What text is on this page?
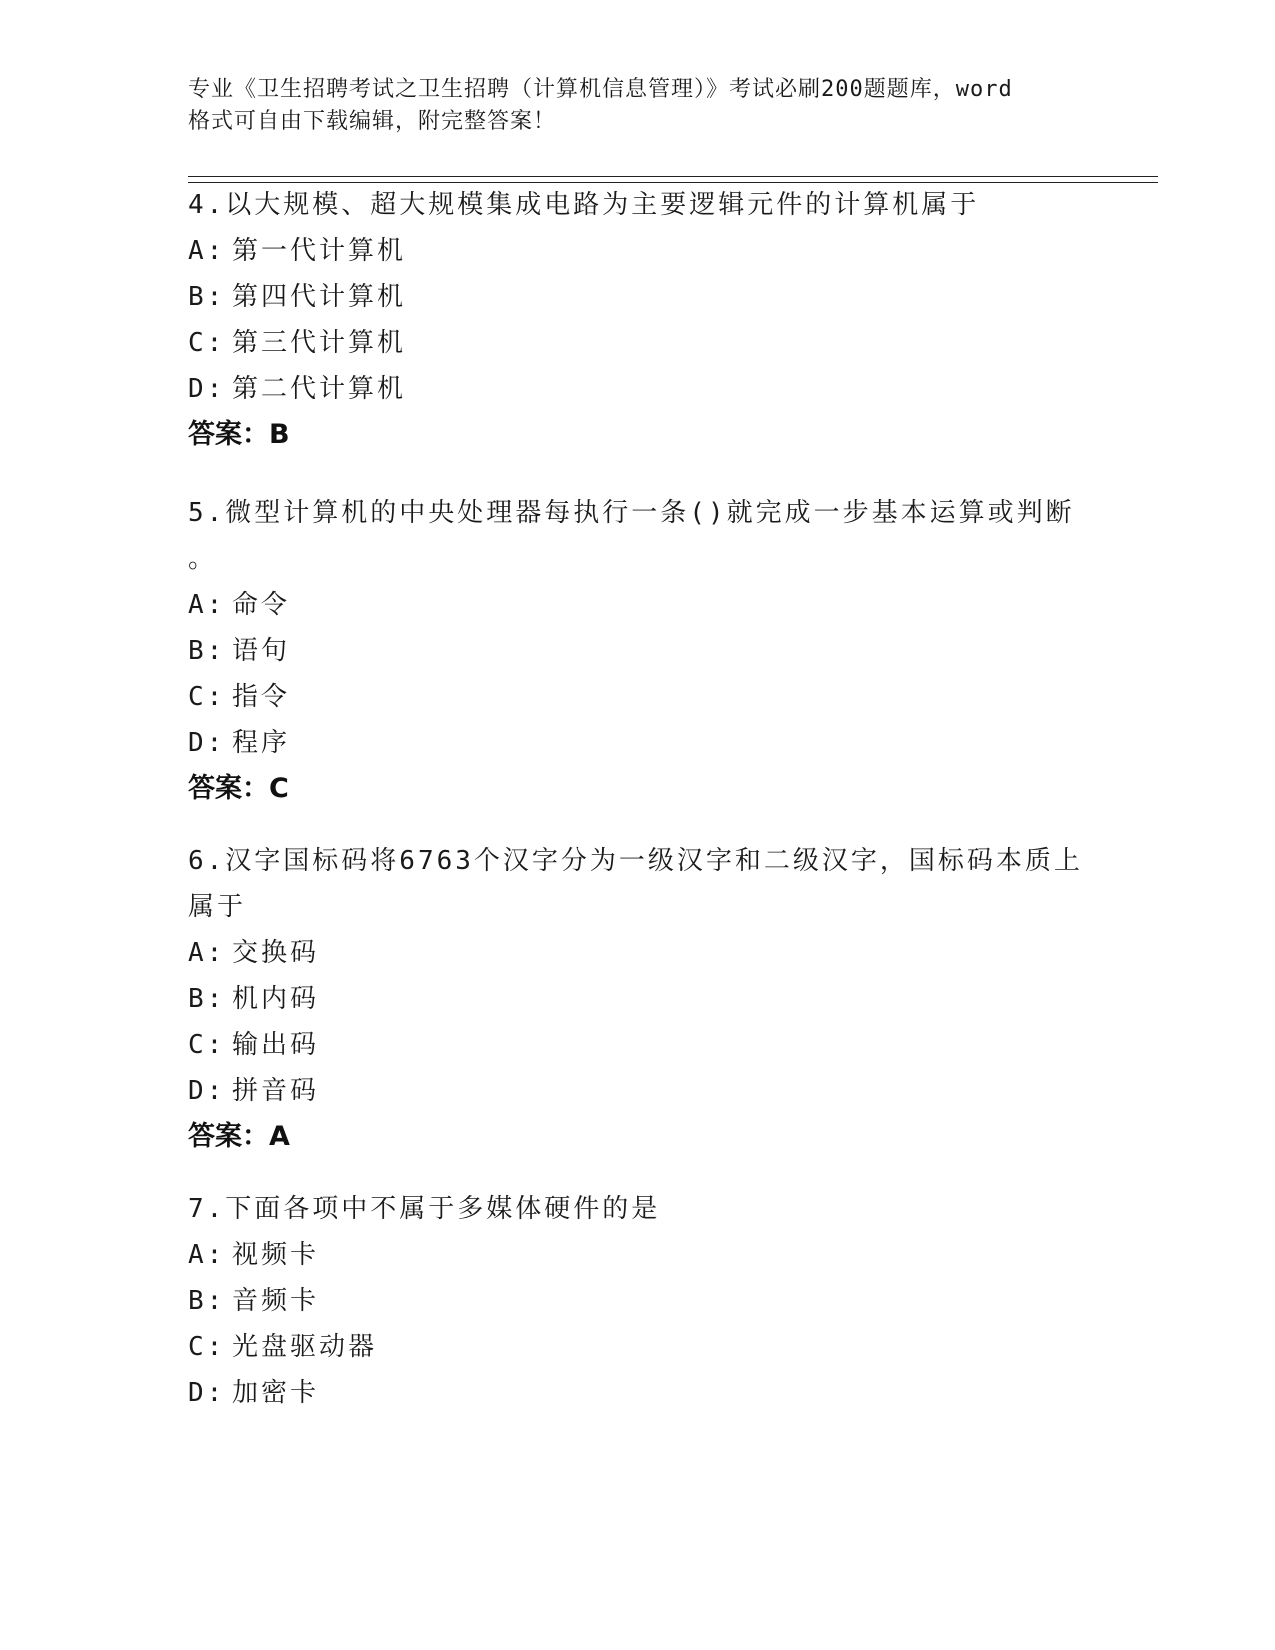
专业《卫生招聘考试之卫生招聘（计算机信息管理）》考试必刷200题题库，word
格式可自由下载编辑，附完整答案！
4.以大规模、超大规模集成电路为主要逻辑元件的计算机属于
A: 第一代计算机
B: 第四代计算机
C: 第三代计算机
D: 第二代计算机
答案：B
5.微型计算机的中央处理器每执行一条()就完成一步基本运算或判断
。
A: 命令
B: 语句
C: 指令
D: 程序
答案：C
6.汉字国标码将6763个汉字分为一级汉字和二级汉字，国标码本质上
属于
A: 交换码
B: 机内码
C: 输出码
D: 拼音码
答案：A
7.下面各项中不属于多媒体硬件的是
A: 视频卡
B: 音频卡
C: 光盘驱动器
D: 加密卡
